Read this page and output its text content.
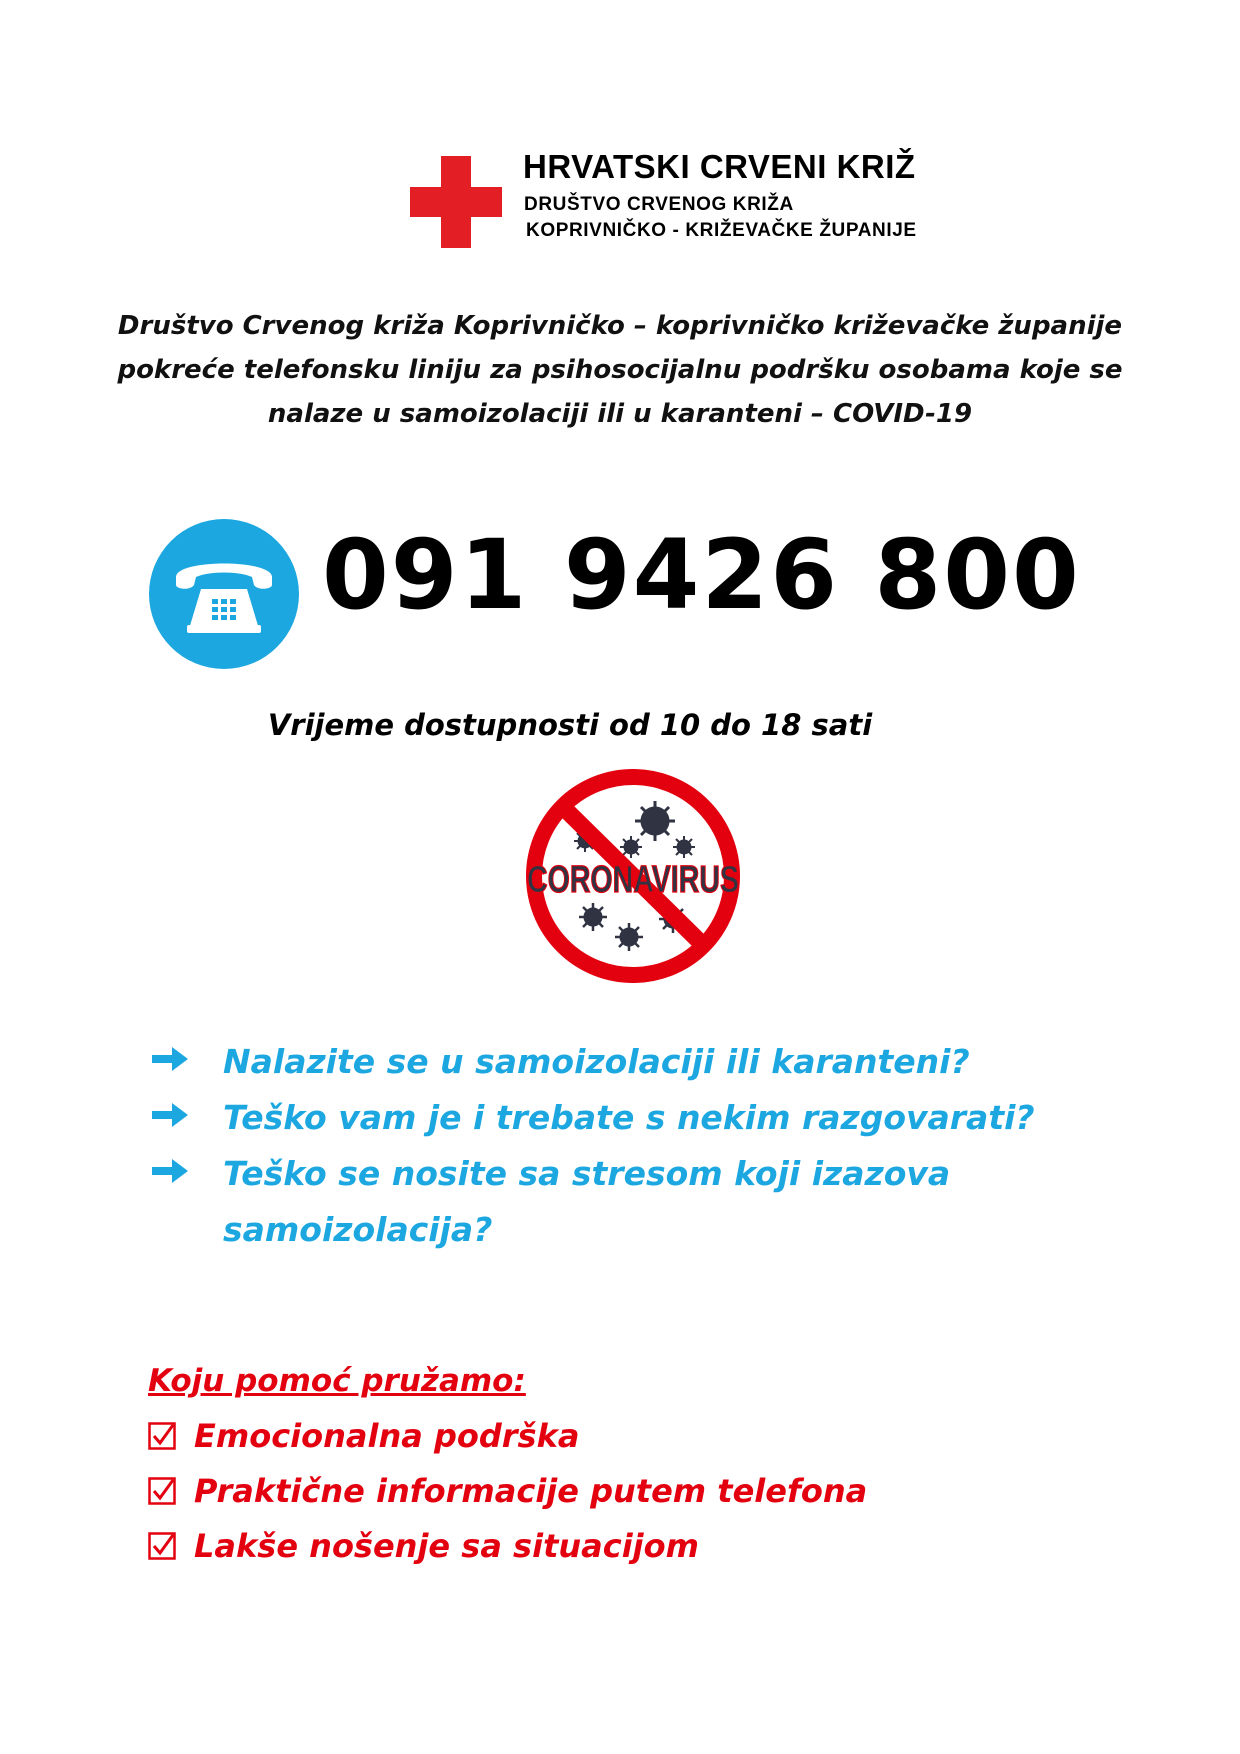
HRVATSKI CRVENI KRIŽ
DRUŠTVO CRVENOG KRIŽA
KOPRIVNIČKO - KRIŽEVAČKE ŽUPANIJE
Društvo Crvenog križa Koprivničko – koprivničko križevačke županije
pokreće telefonsku liniju za psihosocijalnu podršku osobama koje se
nalaze u samoizolaciji ili u karanteni – COVID-19
091 9426 800
Vrijeme dostupnosti od 10 do 18 sati
CORONAVIRUS
Nalazite se u samoizolaciji ili karanteni?
Teško vam je i trebate s nekim razgovarati?
Teško se nosite sa stresom koji izazova
samoizolacija?
Koju pomoć pružamo:
Emocionalna podrška
Praktične informacije putem telefona
Lakše nošenje sa situacijom
